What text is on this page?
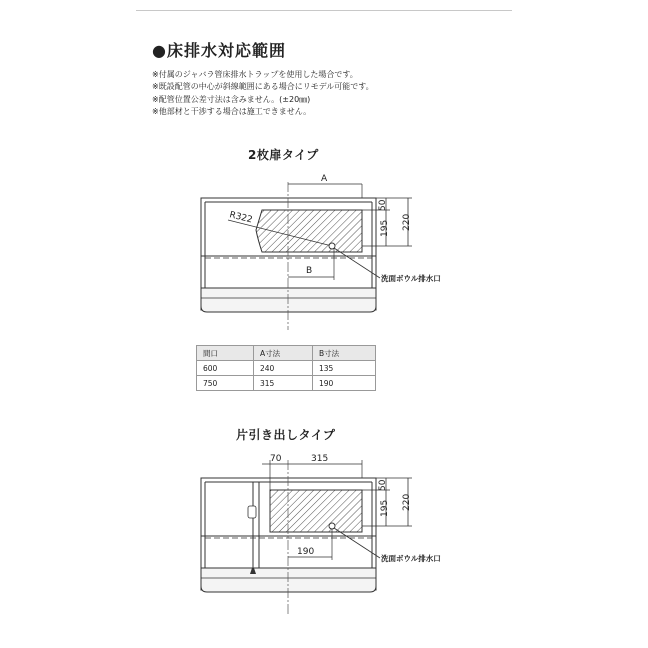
●床排水対応範囲
※付属のジャバラ管床排水トラップを使用した場合です。
※既設配管の中心が斜線範囲にある場合にリモデル可能です。
※配管位置公差寸法は含みません。(±20㎜)
※他部材と干渉する場合は施工できません。
2枚扉タイプ
A
B
R322
洗面ボウル排水口
50
195 220
間口	A寸法	B寸法
600	240	135
750	315	190
片引き出しタイプ
70	315
190
洗面ボウル排水口
50
195 220
